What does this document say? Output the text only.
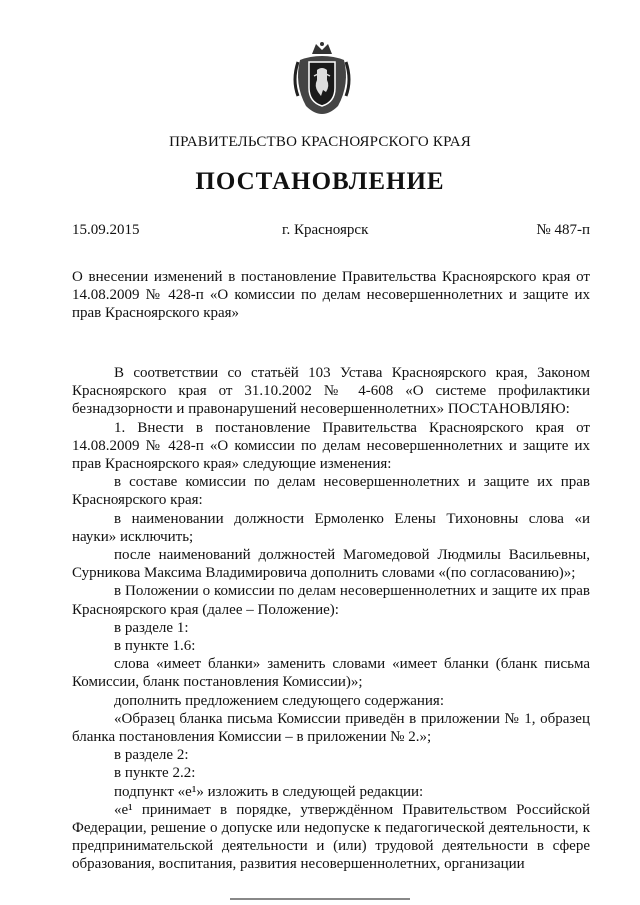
ПРАВИТЕЛЬСТВО КРАСНОЯРСКОГО КРАЯ
ПОСТАНОВЛЕНИЕ
15.09.2015	г. Красноярск	№ 487-п
О внесении изменений в постановление Правительства Красноярского края от 14.08.2009 № 428-п «О комиссии по делам несовершеннолетних и защите их прав Красноярского края»

В соответствии со статьёй 103 Устава Красноярского края, Законом Красноярского края от 31.10.2002 № 4-608 «О системе профилактики безнадзорности и правонарушений несовершеннолетних» ПОСТАНОВЛЯЮ:

1. Внести в постановление Правительства Красноярского края от 14.08.2009 № 428-п «О комиссии по делам несовершеннолетних и защите их прав Красноярского края» следующие изменения:

в составе комиссии по делам несовершеннолетних и защите их прав Красноярского края:

в наименовании должности Ермоленко Елены Тихоновны слова «и науки» исключить;

после наименований должностей Магомедовой Людмилы Васильевны, Сурникова Максима Владимировича дополнить словами «(по согласованию)»;

в Положении о комиссии по делам несовершеннолетних и защите их прав Красноярского края (далее – Положение):

в разделе 1:

в пункте 1.6:

слова «имеет бланки» заменить словами «имеет бланки (бланк письма Комиссии, бланк постановления Комиссии)»;

дополнить предложением следующего содержания:

«Образец бланка письма Комиссии приведён в приложении № 1, образец бланка постановления Комиссии – в приложении № 2.»;

в разделе 2:

в пункте 2.2:

подпункт «е¹» изложить в следующей редакции:

«е¹ принимает в порядке, утверждённом Правительством Российской Федерации, решение о допуске или недопуске к педагогической деятельности, к предпринимательской деятельности и (или) трудовой деятельности в сфере образования, воспитания, развития несовершеннолетних, организации
